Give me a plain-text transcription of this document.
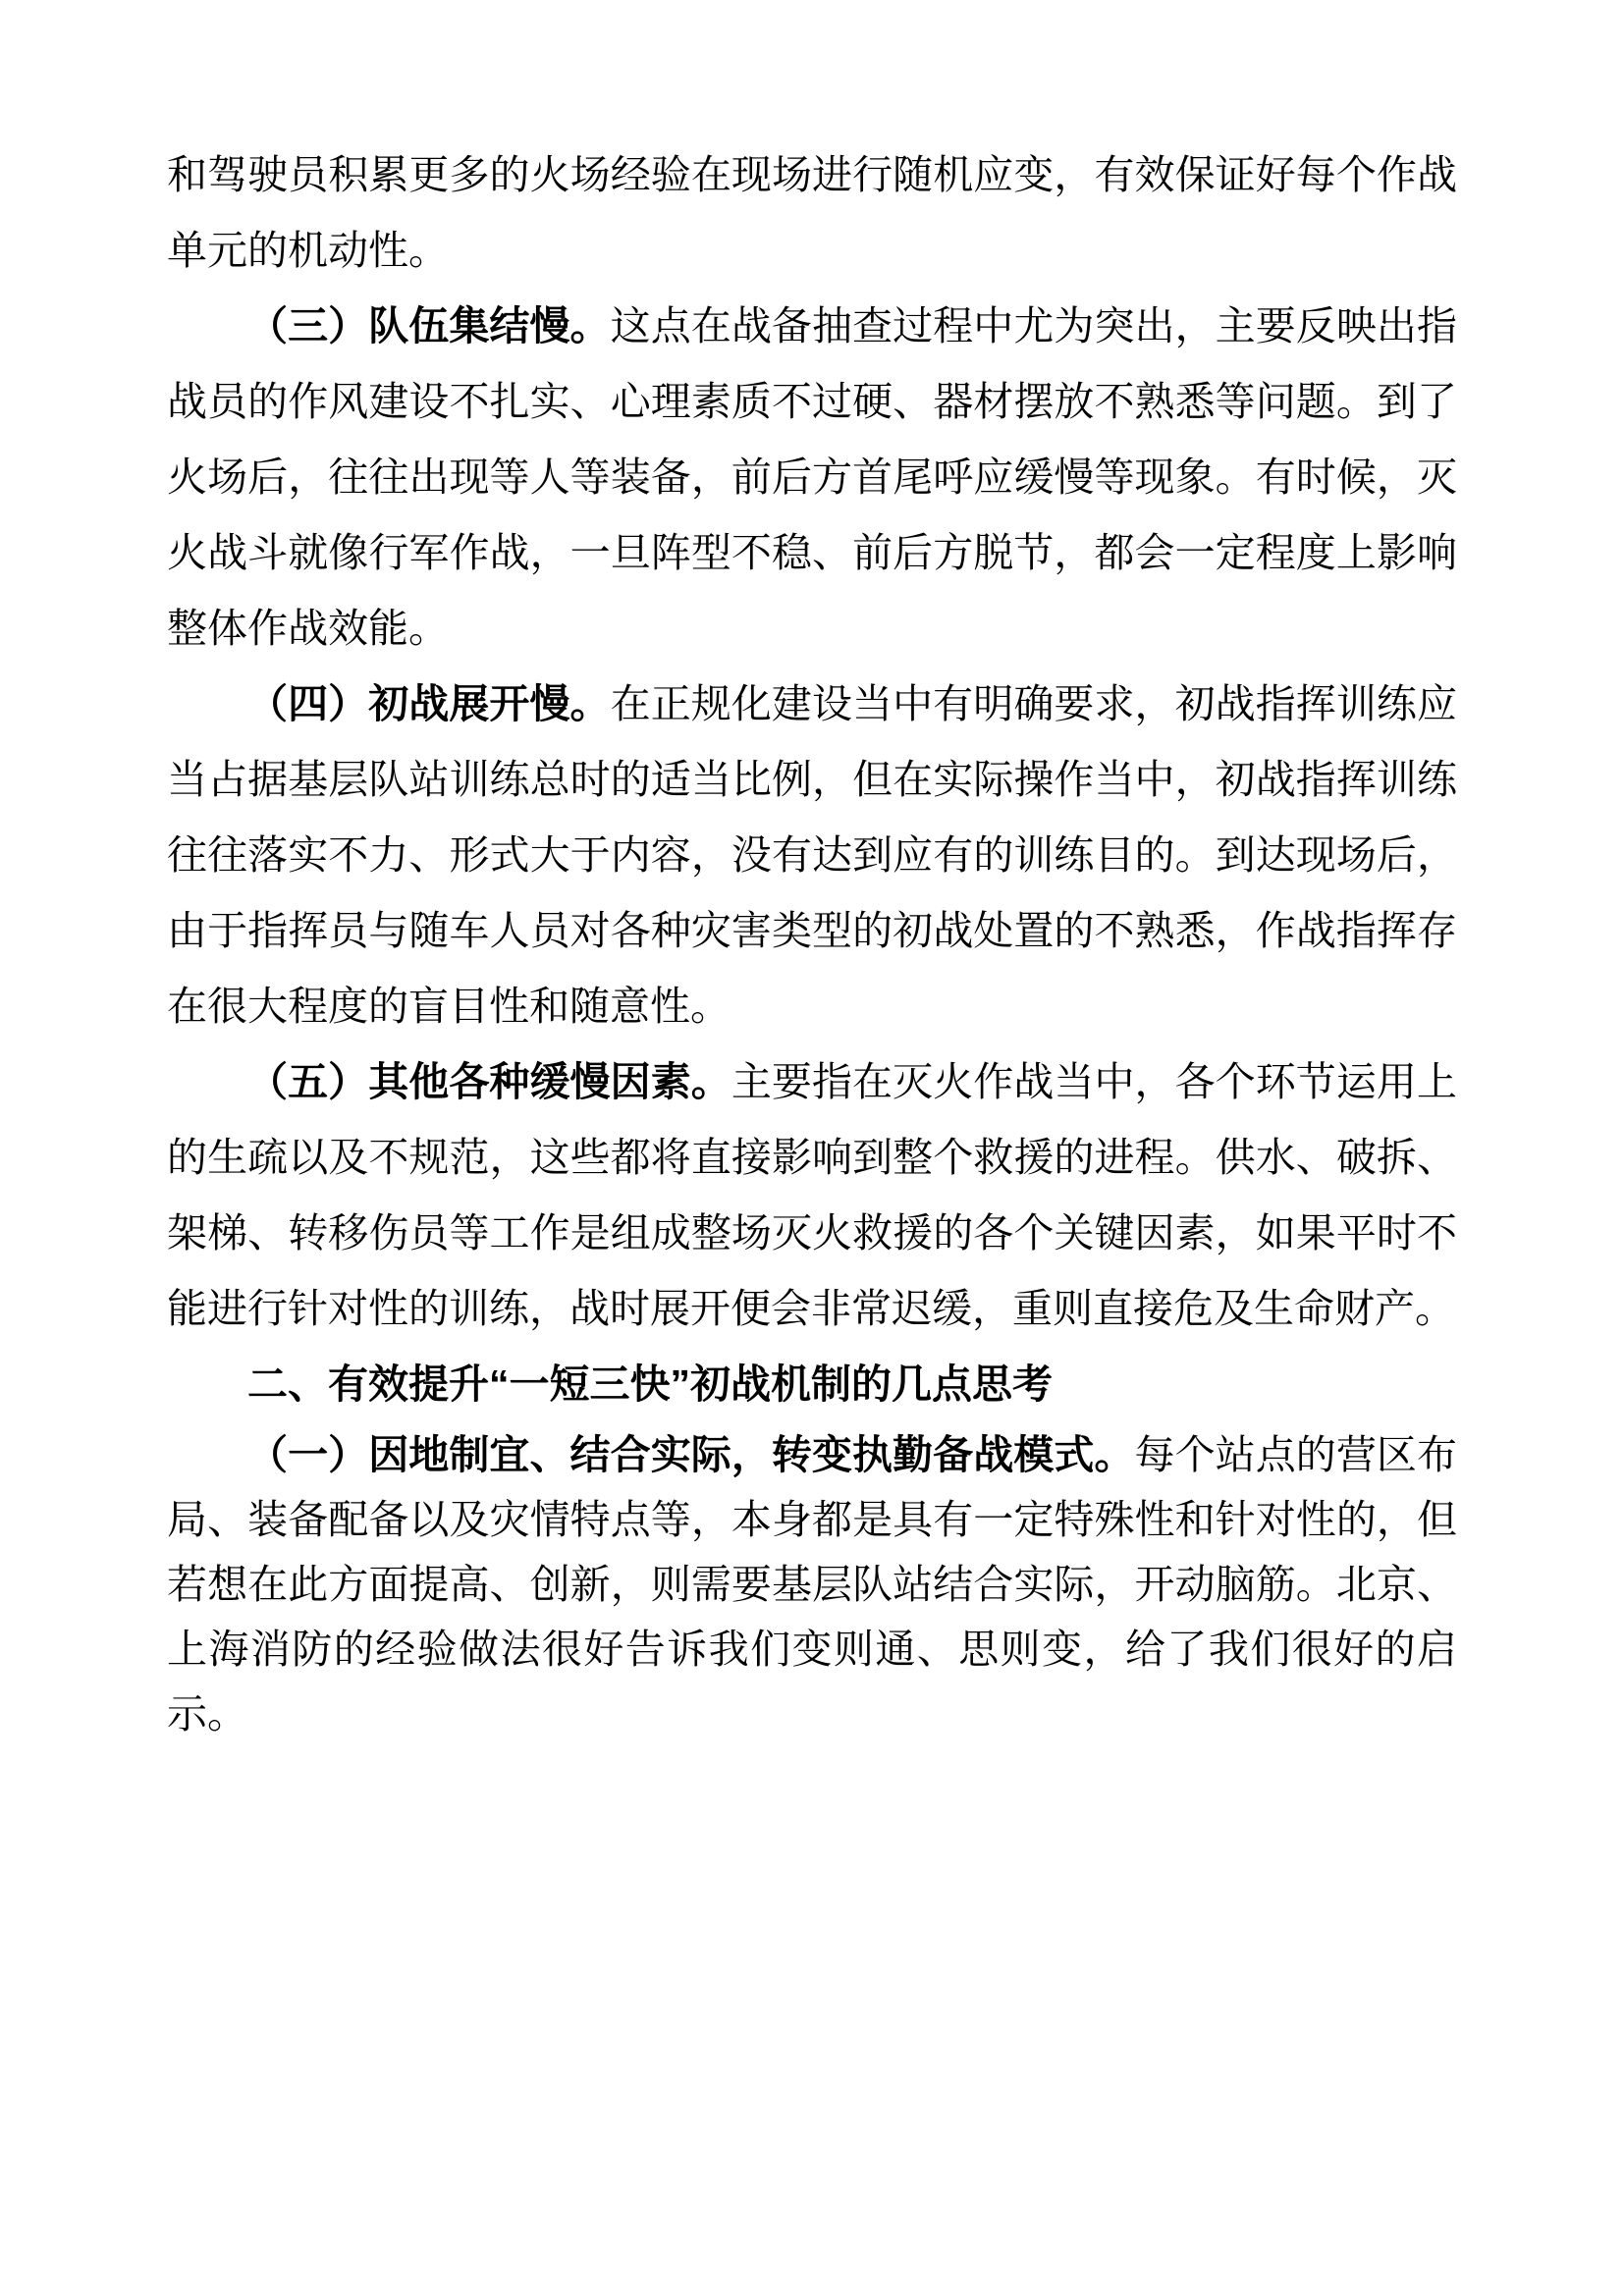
和驾驶员积累更多的火场经验在现场进行随机应变，有效保证好每个作战单元的机动性。

（三）队伍集结慢。这点在战备抽查过程中尤为突出，主要反映出指战员的作风建设不扎实、心理素质不过硬、器材摆放不熟悉等问题。到了火场后，往往出现等人等装备，前后方首尾呼应缓慢等现象。有时候，灭火战斗就像行军作战，一旦阵型不稳、前后方脱节，都会一定程度上影响整体作战效能。

（四）初战展开慢。在正规化建设当中有明确要求，初战指挥训练应当占据基层队站训练总时的适当比例，但在实际操作当中，初战指挥训练往往落实不力、形式大于内容，没有达到应有的训练目的。到达现场后，由于指挥员与随车人员对各种灾害类型的初战处置的不熟悉，作战指挥存在很大程度的盲目性和随意性。

（五）其他各种缓慢因素。主要指在灭火作战当中，各个环节运用上的生疏以及不规范，这些都将直接影响到整个救援的进程。供水、破拆、架梯、转移伤员等工作是组成整场灭火救援的各个关键因素，如果平时不能进行针对性的训练，战时展开便会非常迟缓，重则直接危及生命财产。

二、有效提升“一短三快”初战机制的几点思考

（一）因地制宜、结合实际，转变执勤备战模式。每个站点的营区布局、装备配备以及灾情特点等，本身都是具有一定特殊性和针对性的，但若想在此方面提高、创新，则需要基层队站结合实际，开动脑筋。北京、上海消防的经验做法很好告诉我们变则通、思则变，给了我们很好的启示。
